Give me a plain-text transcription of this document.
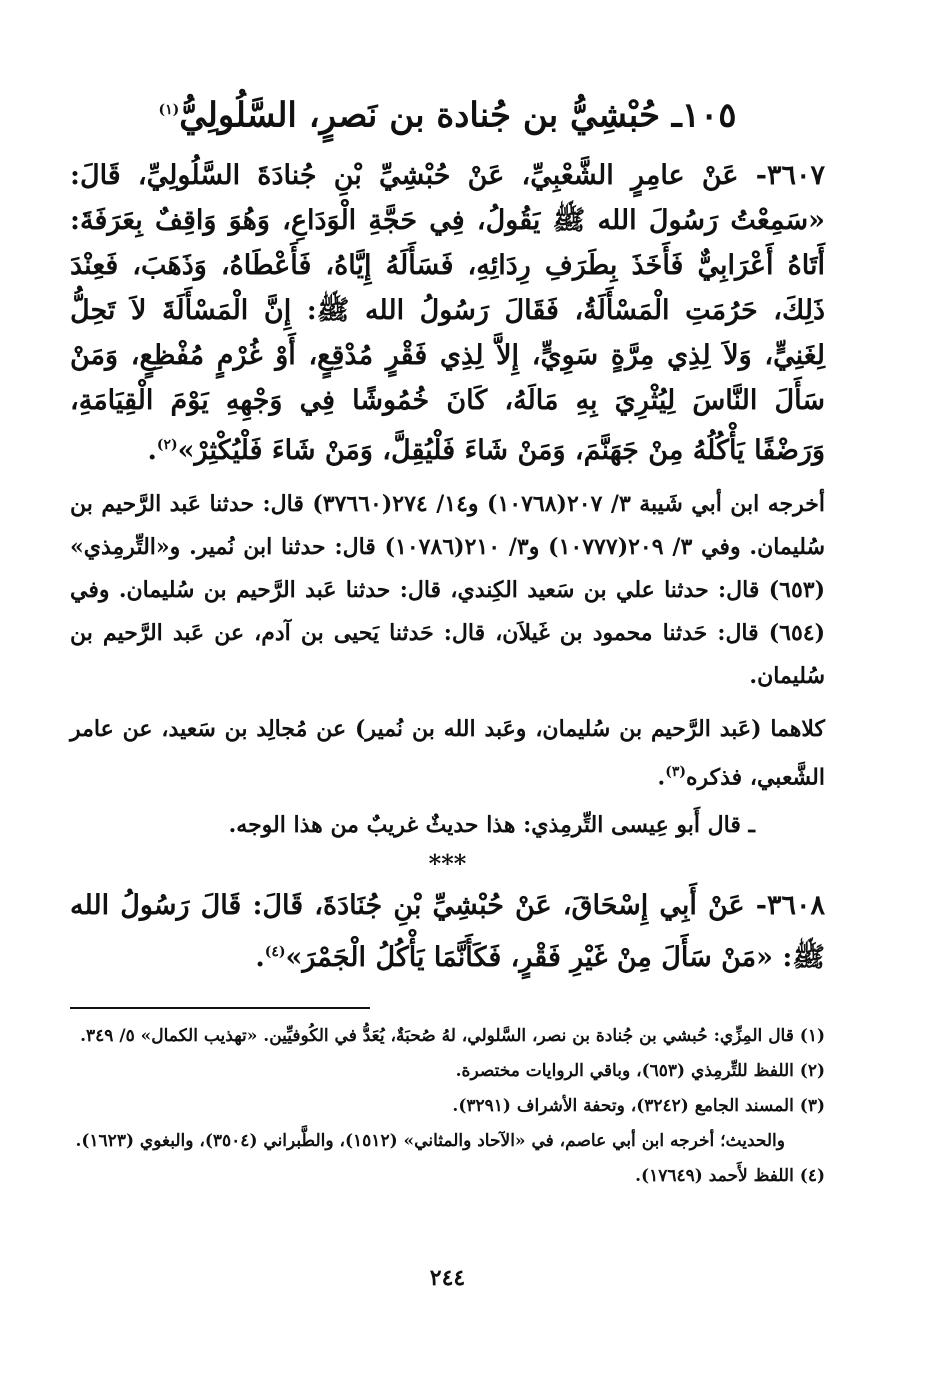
١٠٥ـ حُبْشِيُّ بن جُنادة بن نَصرٍ، السَّلُولِيُّ$^{(١)}$

٣٦٠٧- عَنْ عامِرٍ الشَّعْبِيِّ، عَنْ حُبْشِيِّ بْنِ جُنادَةَ السَّلُولِيِّ، قَالَ: «سَمِعْتُ رَسُولَ الله ﷺ يَقُولُ، فِي حَجَّةِ الْوَدَاعِ، وَهُوَ وَاقِفٌ بِعَرَفَةَ: أَتَاهُ أَعْرَابِيٌّ فَأَخَذَ بِطَرَفِ رِدَائِهِ، فَسَأَلَهُ إِيَّاهُ، فَأَعْطَاهُ، وَذَهَبَ، فَعِنْدَ ذَلِكَ، حَرُمَتِ الْمَسْأَلَةُ، فَقَالَ رَسُولُ الله ﷺ: إِنَّ الْمَسْأَلَةَ لاَ تَحِلُّ لِغَنِيٍّ، وَلاَ لِذِي مِرَّةٍ سَوِيٍّ، إِلاَّ لِذِي فَقْرٍ مُدْقِعٍ، أَوْ غُرْمٍ مُفْظِعٍ، وَمَنْ سَأَلَ النَّاسَ لِيُثْرِيَ بِهِ مَالَهُ، كَانَ خُمُوشًا فِي وَجْهِهِ يَوْمَ الْقِيَامَةِ، وَرَضْفًا يَأْكُلُهُ مِنْ جَهَنَّمَ، وَمَنْ شَاءَ فَلْيُقِلَّ، وَمَنْ شَاءَ فَلْيُكْثِرْ»$^{(٢)}$.

أخرجه ابن أبي شَيبة ٣/ ٢٠٧(١٠٧٦٨) و١٤/ ٢٧٤(٣٧٦٦٠) قال: حدثنا عَبد الرَّحيم بن سُليمان. وفي ٣/ ٢٠٩(١٠٧٧٧) و٣/ ٢١٠(١٠٧٨٦) قال: حدثنا ابن نُمير. و«التِّرمِذي» (٦٥٣) قال: حدثنا علي بن سَعيد الكِندي، قال: حدثنا عَبد الرَّحيم بن سُليمان. وفي (٦٥٤) قال: حَدثنا محمود بن غَيلاَن، قال: حَدثنا يَحيى بن آدم، عن عَبد الرَّحيم بن سُليمان.

كلاهما (عَبد الرَّحيم بن سُليمان، وعَبد الله بن نُمير) عن مُجالِد بن سَعيد، عن عامر الشَّعبي، فذكره$^{(٣)}$.

ـ قال أَبو عِيسى التِّرمِذي: هذا حديثٌ غريبٌ من هذا الوجه.

***

٣٦٠٨- عَنْ أَبِي إِسْحَاقَ، عَنْ حُبْشِيِّ بْنِ جُنَادَةَ، قَالَ: قَالَ رَسُولُ الله ﷺ: «مَنْ سَأَلَ مِنْ غَيْرِ فَقْرٍ، فَكَأَنَّمَا يَأْكُلُ الْجَمْرَ»$^{(٤)}$.

(١) قال المِزِّي: حُبشي بن جُنادة بن نصر، السَّلولي، لهُ صُحبَةٌ، يُعَدُّ في الكُوفيِّين. «تهذيب الكمال» ٥/ ٣٤٩.

(٢) اللفظ للتِّرمِذي (٦٥٣)، وباقي الروايات مختصرة.

(٣) المسند الجامع (٣٢٤٢)، وتحفة الأشراف (٣٢٩١).

والحديث؛ أخرجه ابن أبي عاصم، في «الآحاد والمثاني» (١٥١٢)، والطَّبراني (٣٥٠٤)، والبغوي (١٦٢٣).

(٤) اللفظ لأَحمد (١٧٦٤٩).

٢٤٤
